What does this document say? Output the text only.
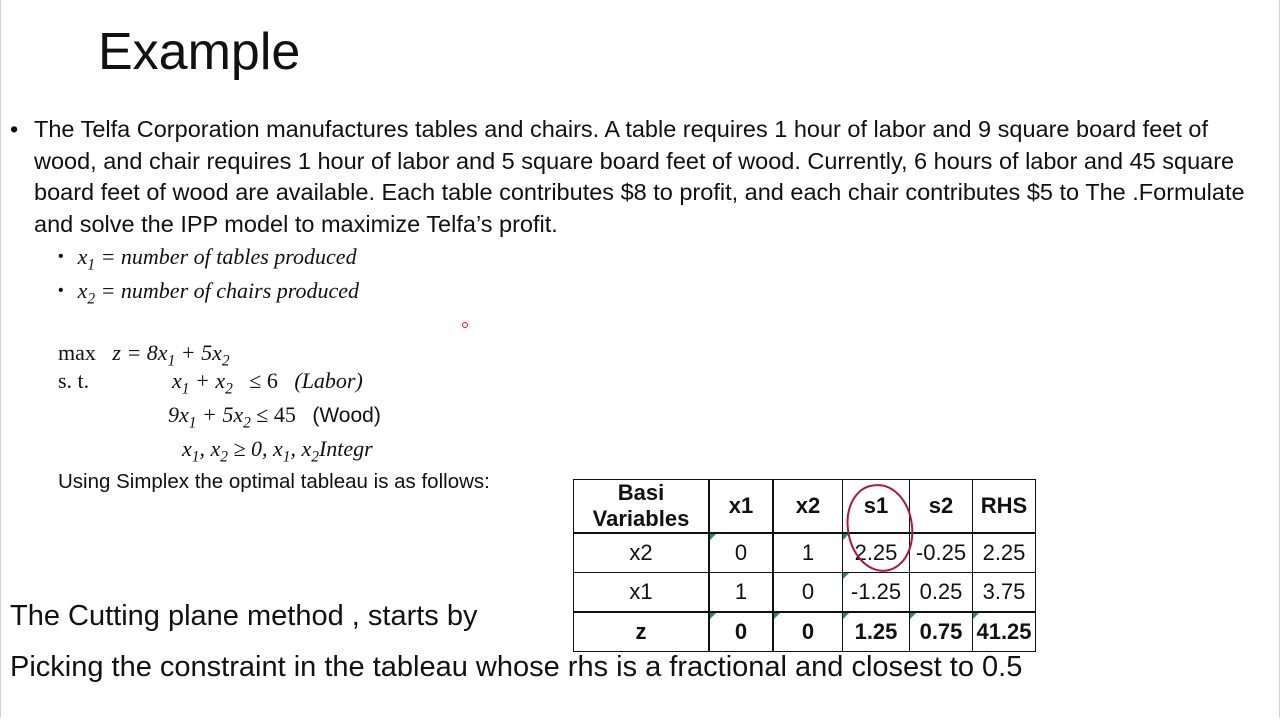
Example
• The Telfa Corporation manufactures tables and chairs. A table requires 1 hour of labor and 9 square board feet of wood, and chair requires 1 hour of labor and 5 square board feet of wood. Currently, 6 hours of labor and 45 square board feet of wood are available. Each table contributes $8 to profit, and each chair contributes $5 to The .Formulate and solve the IPP model to maximize Telfa’s profit.
• $x_1$ = number of tables produced
• $x_2$ = number of chairs produced
$\max z = 8x_1 + 5x_2$
s. t.	$x_1 + x_2 \le 6$ (Labor)
$9x_1 + 5x_2 \le 45$ (Wood)
$x_1$, $x_2 \ge 0$, $x_1$, $x_2Integr$
Using Simplex the optimal tableau is as follows:	Basi Variables	x1	x2	s1	s2	RHS
x2	0	1	2.25	-0.25	2.25
x1	1	0	-1.25	0.25	3.75
z	0	0	1.25	0.75	41.25
The Cutting plane method , starts by
Picking the constraint in the tableau whose rhs is a fractional and closest to 0.5
